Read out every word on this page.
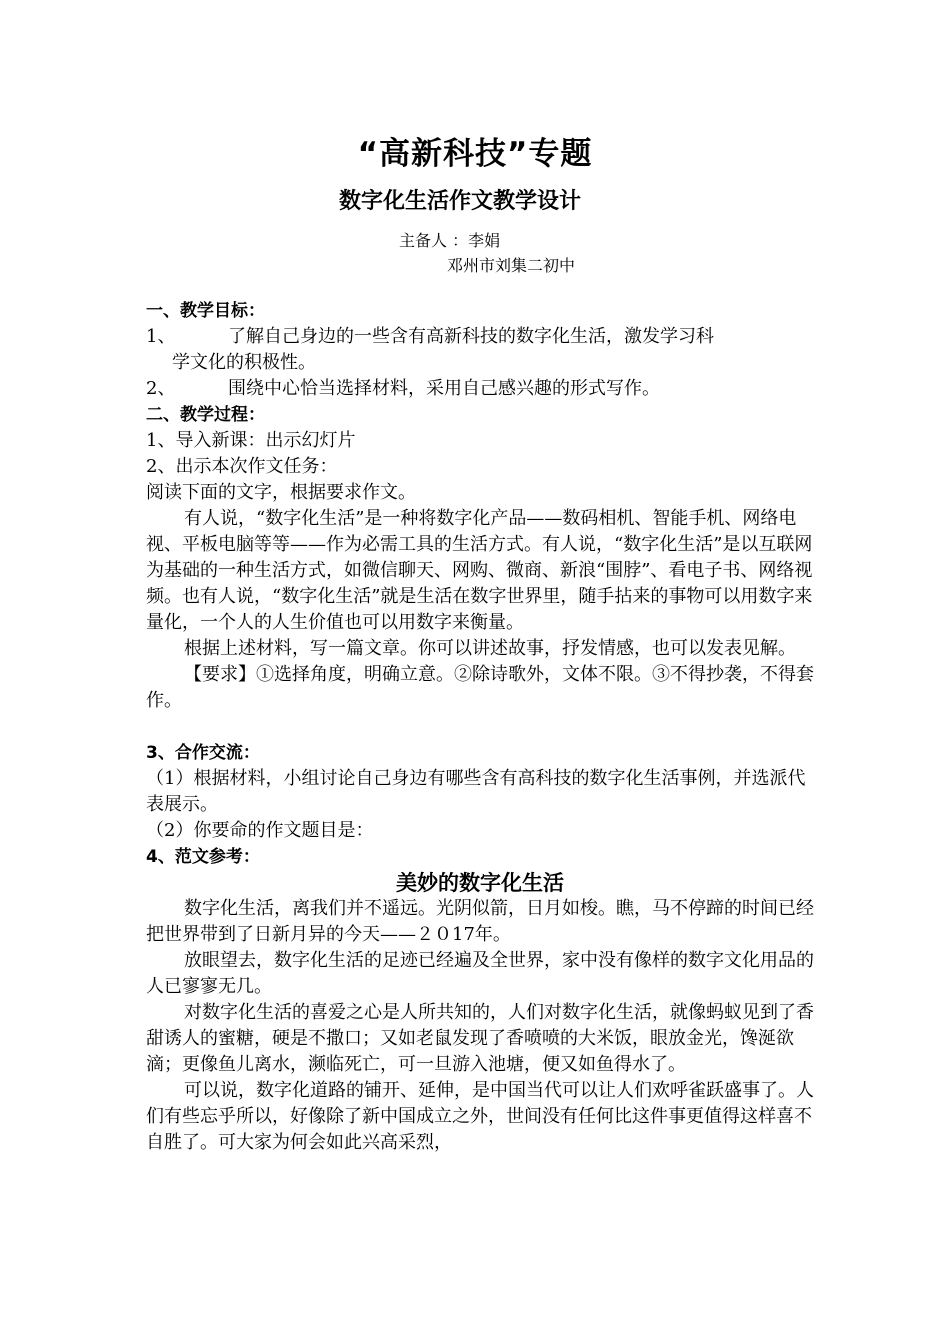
“高新科技”专题
数字化生活作文教学设计
主备人 ：李娟
邓州市刘集二初中

一、教学目标：

1、	了解自己身边的一些含有高新科技的数字化生活，激发学习科

学文化的积极性。

2、	围绕中心恰当选择材料，采用自己感兴趣的形式写作。

二、教学过程：

1、导入新课：出示幻灯片

2、出示本次作文任务：

阅读下面的文字，根据要求作文。

有人说，“数字化生活”是一种将数字化产品——数码相机、智能手机、网络电视、平板电脑等等——作为必需工具的生活方式。有人说，“数字化生活”是以互联网为基础的一种生活方式，如微信聊天、网购、微商、新浪“围脖”、看电子书、网络视频。也有人说，“数字化生活”就是生活在数字世界里，随手拈来的事物可以用数字来量化，一个人的人生价值也可以用数字来衡量。

根据上述材料，写一篇文章。你可以讲述故事，抒发情感，也可以发表见解。

【要求】①选择角度，明确立意。②除诗歌外，文体不限。③不得抄袭，不得套作。

3、合作交流：

（1）根据材料，小组讨论自己身边有哪些含有高科技的数字化生活事例，并选派代表展示。

（2）你要命的作文题目是：

4、范文参考：

美妙的数字化生活

数字化生活，离我们并不遥远。光阴似箭，日月如梭。瞧，马不停蹄的时间已经把世界带到了日新月异的今天——２０17年。

放眼望去，数字化生活的足迹已经遍及全世界，家中没有像样的数字文化用品的人已寥寥无几。

对数字化生活的喜爱之心是人所共知的，人们对数字化生活，就像蚂蚁见到了香甜诱人的蜜糖，硬是不撒口；又如老鼠发现了香喷喷的大米饭，眼放金光，馋涎欲滴；更像鱼儿离水，濒临死亡，可一旦游入池塘，便又如鱼得水了。

可以说，数字化道路的铺开、延伸，是中国当代可以让人们欢呼雀跃盛事了。人们有些忘乎所以，好像除了新中国成立之外，世间没有任何比这件事更值得这样喜不自胜了。可大家为何会如此兴高采烈，
